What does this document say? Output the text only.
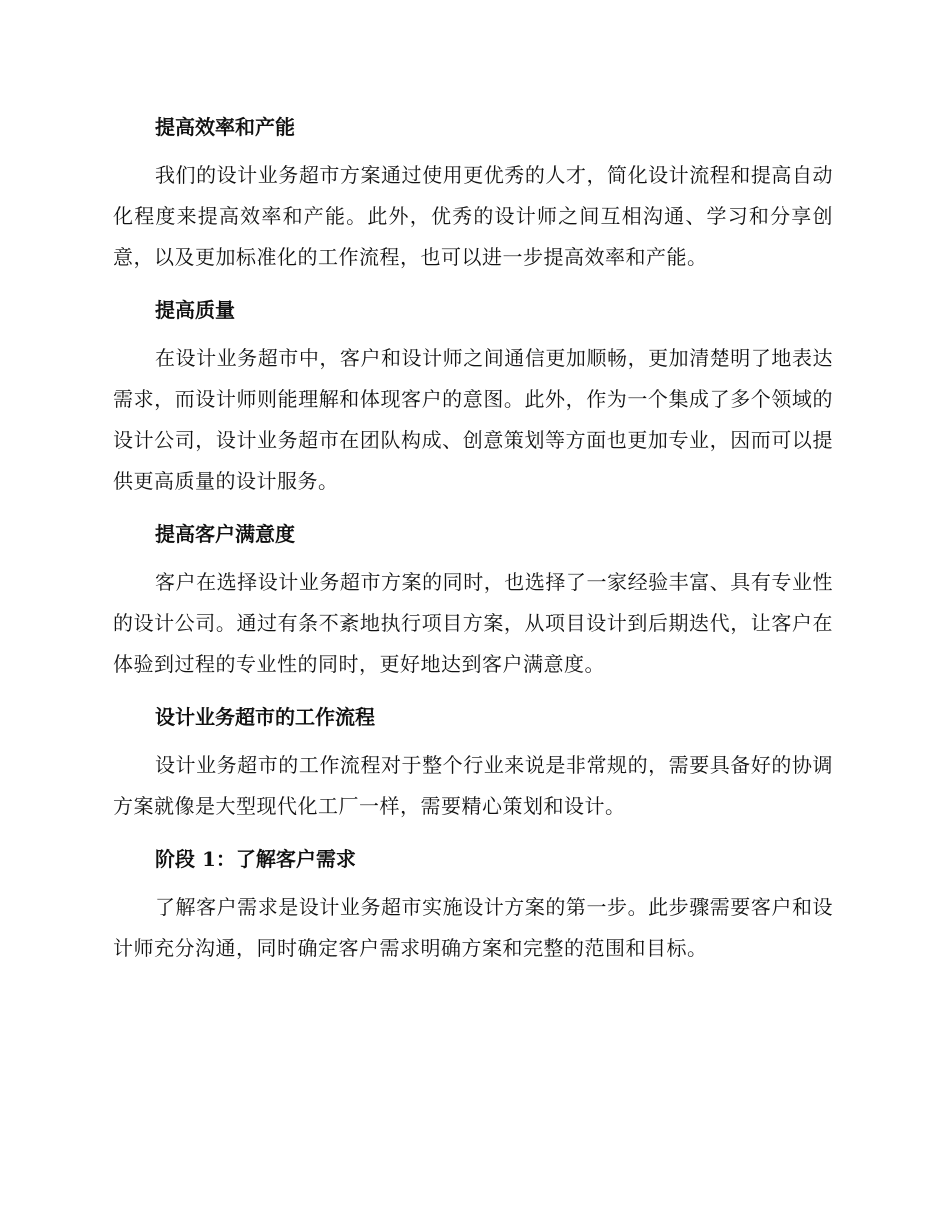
提高效率和产能

我们的设计业务超市方案通过使用更优秀的人才，简化设计流程和提高自动化程度来提高效率和产能。此外，优秀的设计师之间互相沟通、学习和分享创意，以及更加标准化的工作流程，也可以进一步提高效率和产能。

提高质量

在设计业务超市中，客户和设计师之间通信更加顺畅，更加清楚明了地表达需求，而设计师则能理解和体现客户的意图。此外，作为一个集成了多个领域的设计公司，设计业务超市在团队构成、创意策划等方面也更加专业，因而可以提供更高质量的设计服务。

提高客户满意度

客户在选择设计业务超市方案的同时，也选择了一家经验丰富、具有专业性的设计公司。通过有条不紊地执行项目方案，从项目设计到后期迭代，让客户在体验到过程的专业性的同时，更好地达到客户满意度。

设计业务超市的工作流程

设计业务超市的工作流程对于整个行业来说是非常规的，需要具备好的协调方案就像是大型现代化工厂一样，需要精心策划和设计。

阶段 1：了解客户需求

了解客户需求是设计业务超市实施设计方案的第一步。此步骤需要客户和设计师充分沟通，同时确定客户需求明确方案和完整的范围和目标。
